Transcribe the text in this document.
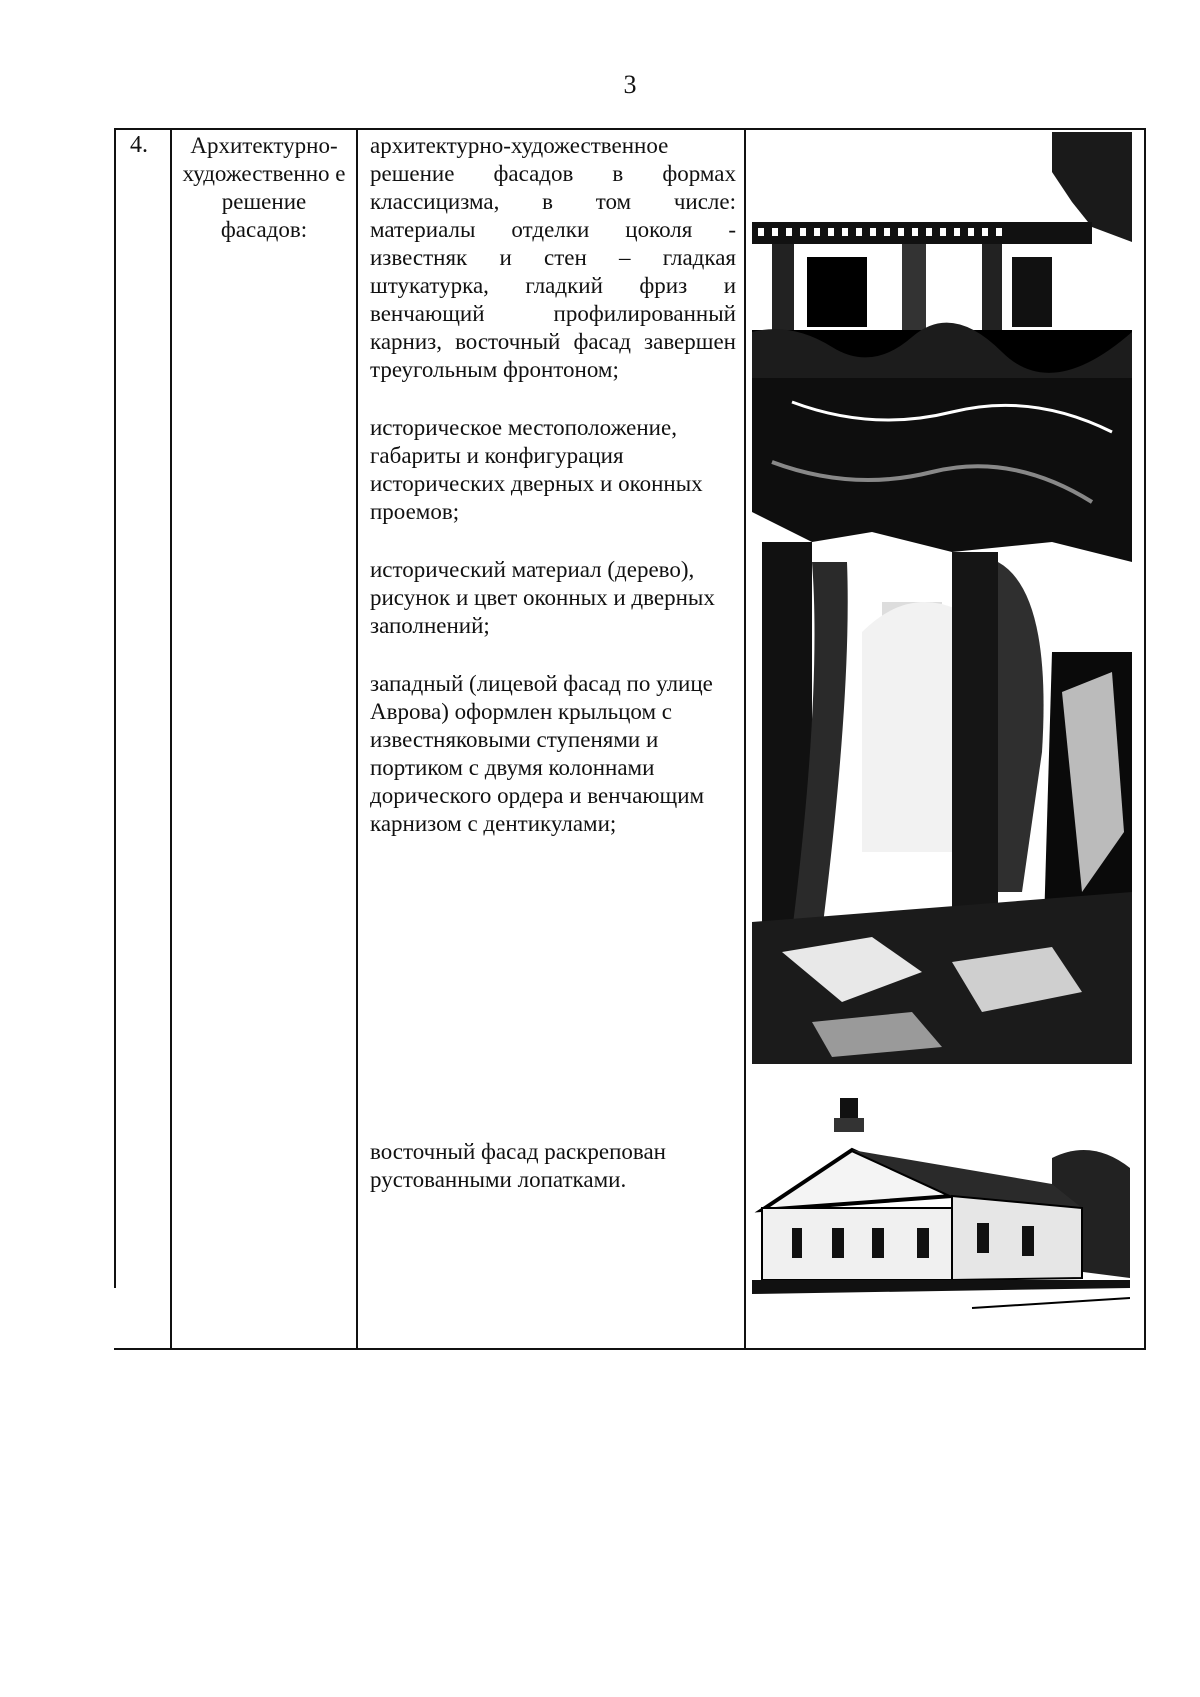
3
4.	Архитектурно-художественно е решение фасадов:

архитектурно-художественное решение фасадов в формах классицизма, в том числе: материалы отделки цоколя - известняк и стен – гладкая штукатурка, гладкий фриз и венчающий профилированный карниз, восточный фасад завершен треугольным фронтоном;

историческое местоположение, габариты и конфигурация исторических дверных и оконных проемов;

исторический материал (дерево), рисунок и цвет оконных и дверных заполнений;

западный (лицевой фасад по улице Аврова) оформлен крыльцом с известняковыми ступенями и портиком с двумя колоннами дорического ордера и венчающим карнизом с дентикулами;

восточный фасад раскрепован рустованными лопатками.
